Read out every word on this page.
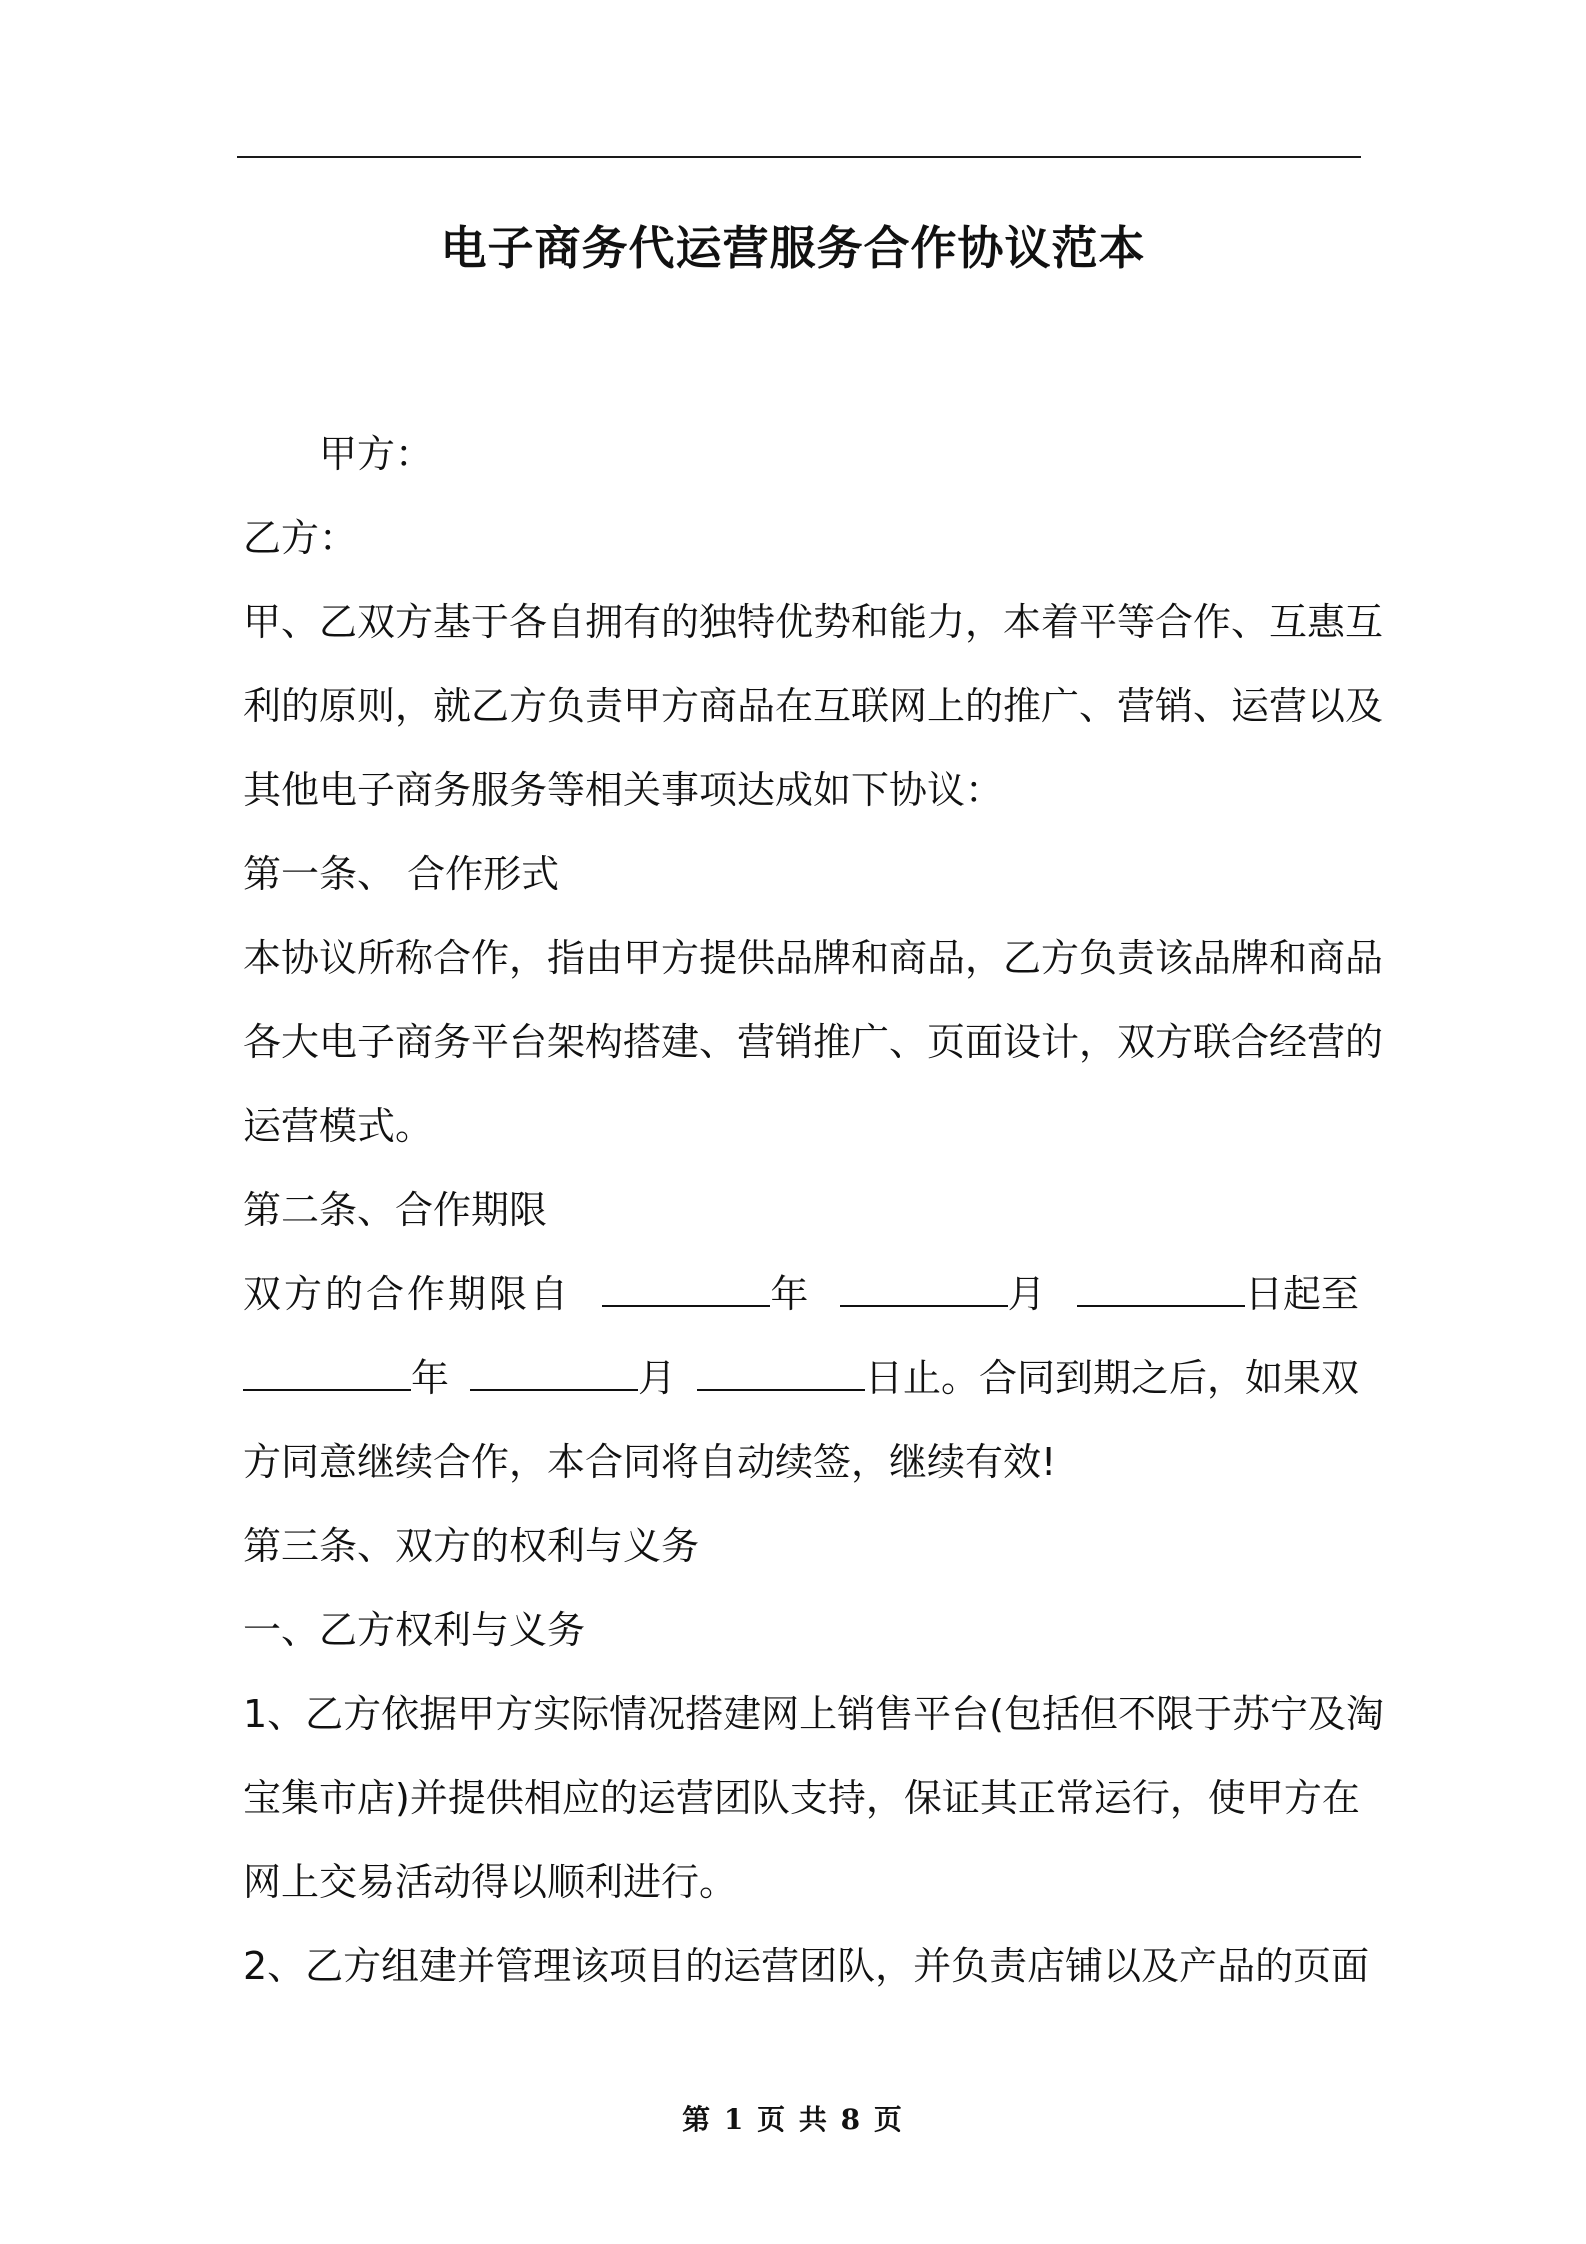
电子商务代运营服务合作协议范本
甲方：
乙方：
甲、乙双方基于各自拥有的独特优势和能力，本着平等合作、互惠互
利的原则，就乙方负责甲方商品在互联网上的推广、营销、运营以及
其他电子商务服务等相关事项达成如下协议：
第一条、 合作形式
本协议所称合作，指由甲方提供品牌和商品，乙方负责该品牌和商品
各大电子商务平台架构搭建、营销推广、页面设计，双方联合经营的
运营模式。
第二条、合作期限
双方的合作期限自	年	月	日起至
年	月	日止。合同到期之后，如果双
方同意继续合作，本合同将自动续签，继续有效!
第三条、双方的权利与义务
一、乙方权利与义务
1、乙方依据甲方实际情况搭建网上销售平台(包括但不限于苏宁及淘
宝集市店)并提供相应的运营团队支持，保证其正常运行，使甲方在
网上交易活动得以顺利进行。
2、乙方组建并管理该项目的运营团队，并负责店铺以及产品的页面
第 1 页 共 8 页
